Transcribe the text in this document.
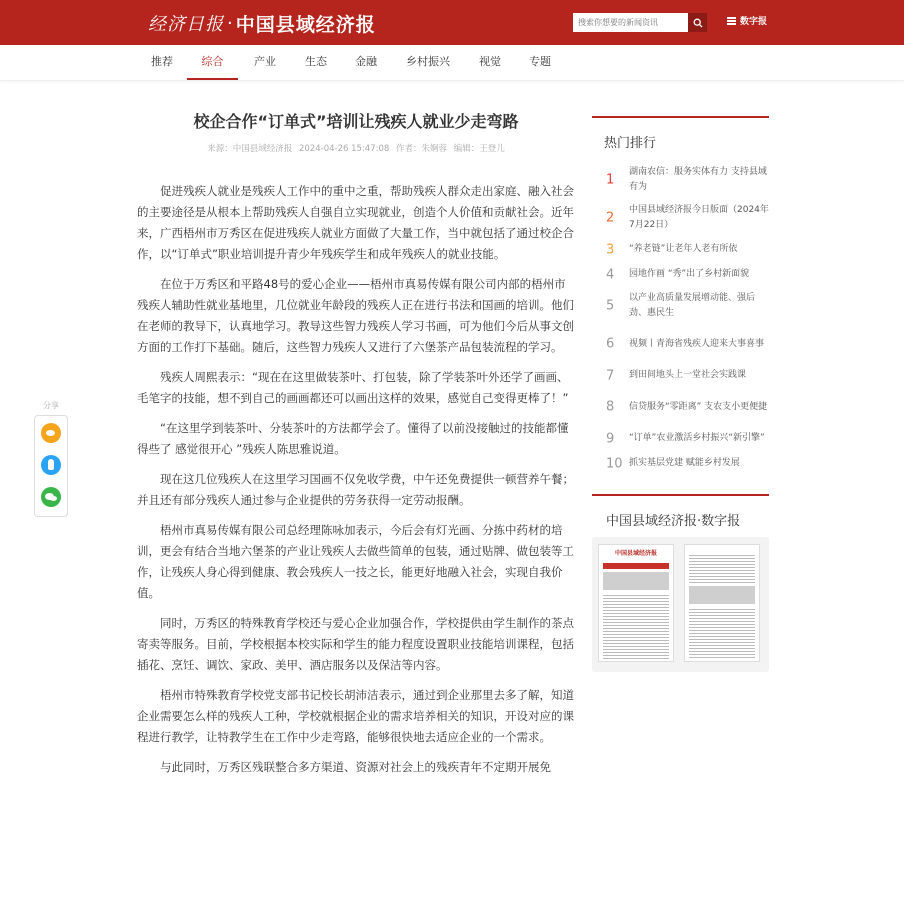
经济日报 · 中国县域经济报
搜索你想要的新闻资讯	数字报
推荐	综合	产业	生态	金融	乡村振兴	视觉	专题
校企合作“订单式”培训让残疾人就业少走弯路
来源：中国县域经济报 2024-04-26 15:47:08 作者：朱婀蓉 编辑：王登儿

促进残疾人就业是残疾人工作中的重中之重，帮助残疾人群众走出家庭、融入社会的主要途径是从根本上帮助残疾人自强自立实现就业，创造个人价值和贡献社会。近年来，广西梧州市万秀区在促进残疾人就业方面做了大量工作，当中就包括了通过校企合作，以“订单式”职业培训提升青少年残疾学生和成年残疾人的就业技能。

在位于万秀区和平路48号的爱心企业——梧州市真易传媒有限公司内部的梧州市残疾人辅助性就业基地里，几位就业年龄段的残疾人正在进行书法和国画的培训。他们在老师的教导下，认真地学习。教导这些智力残疾人学习书画，可为他们今后从事文创方面的工作打下基础。随后，这些智力残疾人又进行了六堡茶产品包装流程的学习。

残疾人周熙表示：“现在在这里做装茶叶、打包装，除了学装茶叶外还学了画画、毛笔字的技能，想不到自己的画画都还可以画出这样的效果，感觉自己变得更棒了！”

“在这里学到装茶叶、分装茶叶的方法都学会了。懂得了以前没接触过的技能都懂得些了 感觉很开心 ”残疾人陈思雅说道。

现在这几位残疾人在这里学习国画不仅免收学费，中午还免费提供一顿营养午餐；并且还有部分残疾人通过参与企业提供的劳务获得一定劳动报酬。

梧州市真易传媒有限公司总经理陈咏加表示，今后会有灯光画、分拣中药材的培训，更会有结合当地六堡茶的产业让残疾人去做些简单的包装，通过贴牌、做包装等工作，让残疾人身心得到健康、教会残疾人一技之长，能更好地融入社会，实现自我价值。

同时，万秀区的特殊教育学校还与爱心企业加强合作，学校提供由学生制作的茶点寄卖等服务。目前，学校根据本校实际和学生的能力程度设置职业技能培训课程，包括插花、烹饪、调饮、家政、美甲、酒店服务以及保洁等内容。

梧州市特殊教育学校党支部书记校长胡沛洁表示，通过到企业那里去多了解，知道企业需要怎么样的残疾人工种，学校就根据企业的需求培养相关的知识，开设对应的课程进行教学，让特教学生在工作中少走弯路，能够很快地去适应企业的一个需求。

与此同时，万秀区残联整合多方渠道、资源对社会上的残疾青年不定期开展免

分享
热门排行
1
湖南农信：服务实体有力 支持县域有为
2
中国县域经济报今日版面（2024年7月22日）
3 “养老链”让老年人老有所依
4 园地作画 “秀”出了乡村新面貌
5
以产业高质量发展增动能、强后劲、惠民生
6 视频丨青海省残疾人迎来大事喜事
7 到田间地头上一堂社会实践课
8 信贷服务“零距离” 支农支小更便捷
9 “订单”农业激活乡村振兴“新引擎”
10 抓实基层党建 赋能乡村发展
中国县域经济报·数字报
中国县域经济报
